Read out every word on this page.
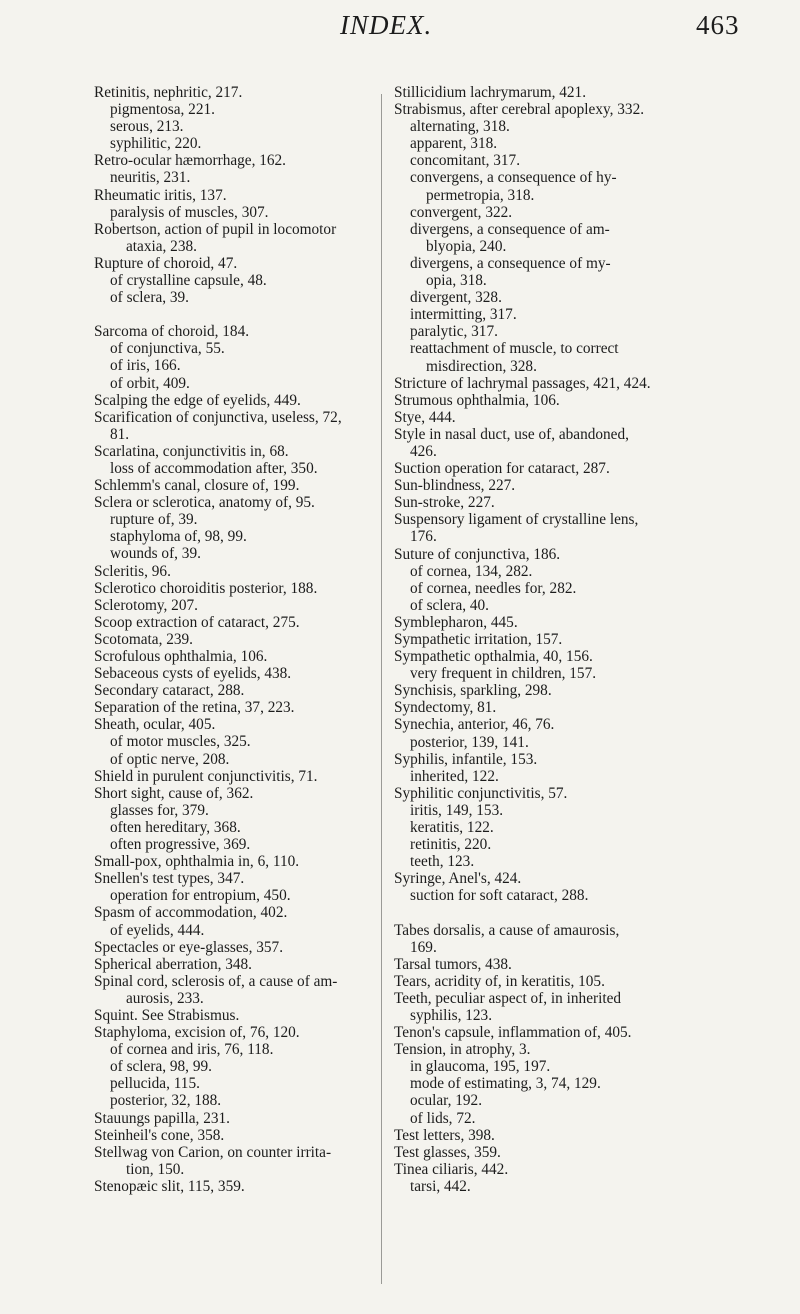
INDEX.	463
Retinitis, nephritic, 217.
pigmentosa, 221.
serous, 213.
syphilitic, 220.
Retro-ocular hæmorrhage, 162.
neuritis, 231.
Rheumatic iritis, 137.
paralysis of muscles, 307.
Robertson, action of pupil in locomotor
ataxia, 238.
Rupture of choroid, 47.
of crystalline capsule, 48.
of sclera, 39.
Sarcoma of choroid, 184.
of conjunctiva, 55.
of iris, 166.
of orbit, 409.
Scalping the edge of eyelids, 449.
Scarification of conjunctiva, useless, 72,
81.
Scarlatina, conjunctivitis in, 68.
loss of accommodation after, 350.
Schlemm's canal, closure of, 199.
Sclera or sclerotica, anatomy of, 95.
rupture of, 39.
staphyloma of, 98, 99.
wounds of, 39.
Scleritis, 96.
Sclerotico choroiditis posterior, 188.
Sclerotomy, 207.
Scoop extraction of cataract, 275.
Scotomata, 239.
Scrofulous ophthalmia, 106.
Sebaceous cysts of eyelids, 438.
Secondary cataract, 288.
Separation of the retina, 37, 223.
Sheath, ocular, 405.
of motor muscles, 325.
of optic nerve, 208.
Shield in purulent conjunctivitis, 71.
Short sight, cause of, 362.
glasses for, 379.
often hereditary, 368.
often progressive, 369.
Small-pox, ophthalmia in, 6, 110.
Snellen's test types, 347.
operation for entropium, 450.
Spasm of accommodation, 402.
of eyelids, 444.
Spectacles or eye-glasses, 357.
Spherical aberration, 348.
Spinal cord, sclerosis of, a cause of am-
aurosis, 233.
Squint. See Strabismus.
Staphyloma, excision of, 76, 120.
of cornea and iris, 76, 118.
of sclera, 98, 99.
pellucida, 115.
posterior, 32, 188.
Stauungs papilla, 231.
Steinheil's cone, 358.
Stellwag von Carion, on counter irrita-
tion, 150.
Stenopæic slit, 115, 359.
Stillicidium lachrymarum, 421.
Strabismus, after cerebral apoplexy, 332.
alternating, 318.
apparent, 318.
concomitant, 317.
convergens, a consequence of hy-
permetropia, 318.
convergent, 322.
divergens, a consequence of am-
blyopia, 240.
divergens, a consequence of my-
opia, 318.
divergent, 328.
intermitting, 317.
paralytic, 317.
reattachment of muscle, to correct
misdirection, 328.
Stricture of lachrymal passages, 421, 424.
Strumous ophthalmia, 106.
Stye, 444.
Style in nasal duct, use of, abandoned,
426.
Suction operation for cataract, 287.
Sun-blindness, 227.
Sun-stroke, 227.
Suspensory ligament of crystalline lens,
176.
Suture of conjunctiva, 186.
of cornea, 134, 282.
of cornea, needles for, 282.
of sclera, 40.
Symblepharon, 445.
Sympathetic irritation, 157.
Sympathetic opthalmia, 40, 156.
very frequent in children, 157.
Synchisis, sparkling, 298.
Syndectomy, 81.
Synechia, anterior, 46, 76.
posterior, 139, 141.
Syphilis, infantile, 153.
inherited, 122.
Syphilitic conjunctivitis, 57.
iritis, 149, 153.
keratitis, 122.
retinitis, 220.
teeth, 123.
Syringe, Anel's, 424.
suction for soft cataract, 288.
Tabes dorsalis, a cause of amaurosis,
169.
Tarsal tumors, 438.
Tears, acridity of, in keratitis, 105.
Teeth, peculiar aspect of, in inherited
syphilis, 123.
Tenon's capsule, inflammation of, 405.
Tension, in atrophy, 3.
in glaucoma, 195, 197.
mode of estimating, 3, 74, 129.
ocular, 192.
of lids, 72.
Test letters, 398.
Test glasses, 359.
Tinea ciliaris, 442.
tarsi, 442.
